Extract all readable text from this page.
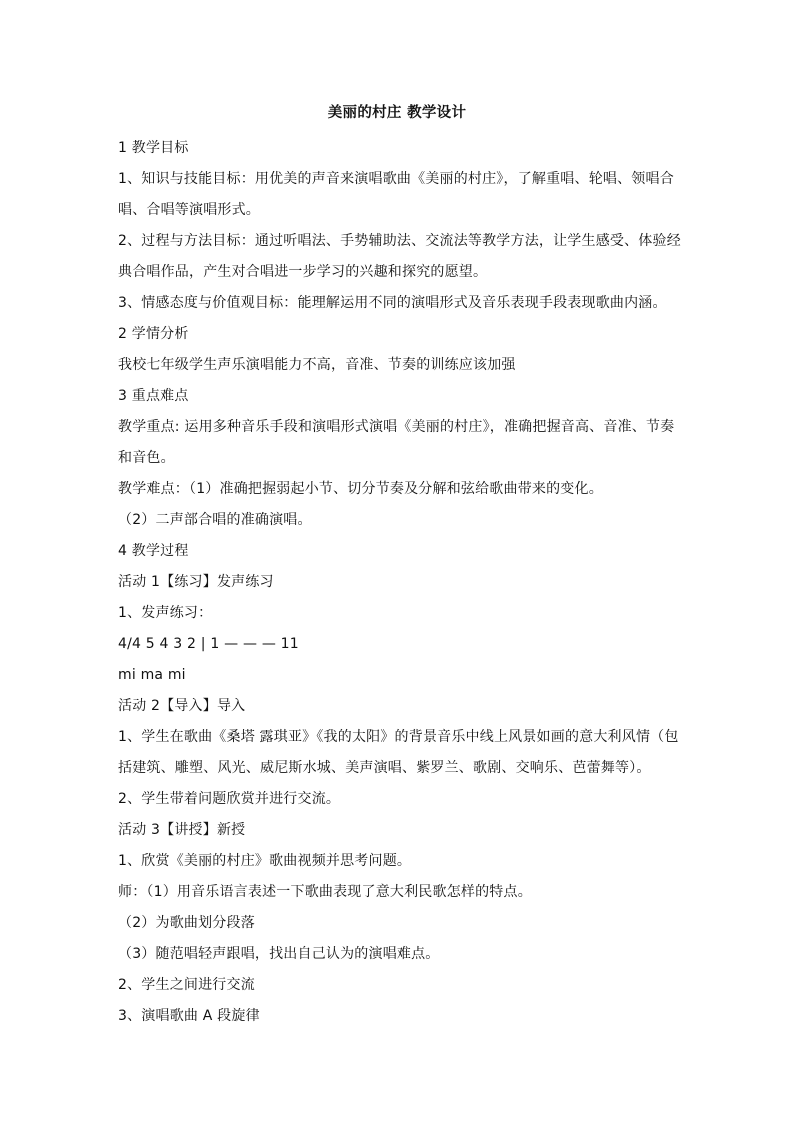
美丽的村庄 教学设计

1 教学目标

1、知识与技能目标：用优美的声音来演唱歌曲《美丽的村庄》，了解重唱、轮唱、领唱合唱、合唱等演唱形式。

2、过程与方法目标：通过听唱法、手势辅助法、交流法等教学方法，让学生感受、体验经典合唱作品，产生对合唱进一步学习的兴趣和探究的愿望。

3、情感态度与价值观目标：能理解运用不同的演唱形式及音乐表现手段表现歌曲内涵。

2 学情分析

我校七年级学生声乐演唱能力不高，音准、节奏的训练应该加强

3 重点难点

教学重点: 运用多种音乐手段和演唱形式演唱《美丽的村庄》，准确把握音高、音准、节奏和音色。

教学难点：（1）准确把握弱起小节、切分节奏及分解和弦给歌曲带来的变化。

（2）二声部合唱的准确演唱。

4 教学过程

活动 1【练习】发声练习

1、发声练习：

4/4 5 4 3 2 | 1 — — — 11

mi ma mi

活动 2【导入】导入

1、学生在歌曲《桑塔 露琪亚》《我的太阳》的背景音乐中线上风景如画的意大利风情（包括建筑、雕塑、风光、威尼斯水城、美声演唱、紫罗兰、歌剧、交响乐、芭蕾舞等）。

2、学生带着问题欣赏并进行交流。

活动 3【讲授】新授

1、欣赏《美丽的村庄》歌曲视频并思考问题。

师：（1）用音乐语言表述一下歌曲表现了意大利民歌怎样的特点。

（2）为歌曲划分段落

（3）随范唱轻声跟唱，找出自己认为的演唱难点。

2、学生之间进行交流

3、演唱歌曲 A 段旋律
